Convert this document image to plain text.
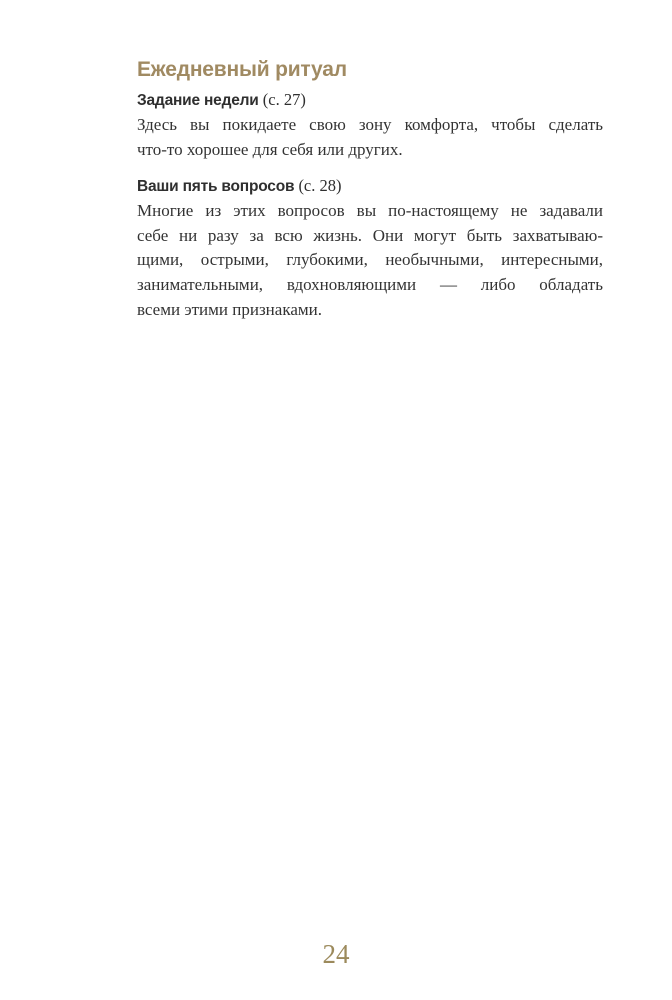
Ежедневный ритуал

Задание недели (с. 27)

Здесь вы покидаете свою зону комфорта, чтобы сделать
что-то хорошее для себя или других.

Ваши пять вопросов (с. 28)

Многие из этих вопросов вы по-настоящему не задавали
себе ни разу за всю жизнь. Они могут быть захватываю-
щими, острыми, глубокими, необычными, интересными,
занимательными, вдохновляющими — либо обладать
всеми этими признаками.
24
